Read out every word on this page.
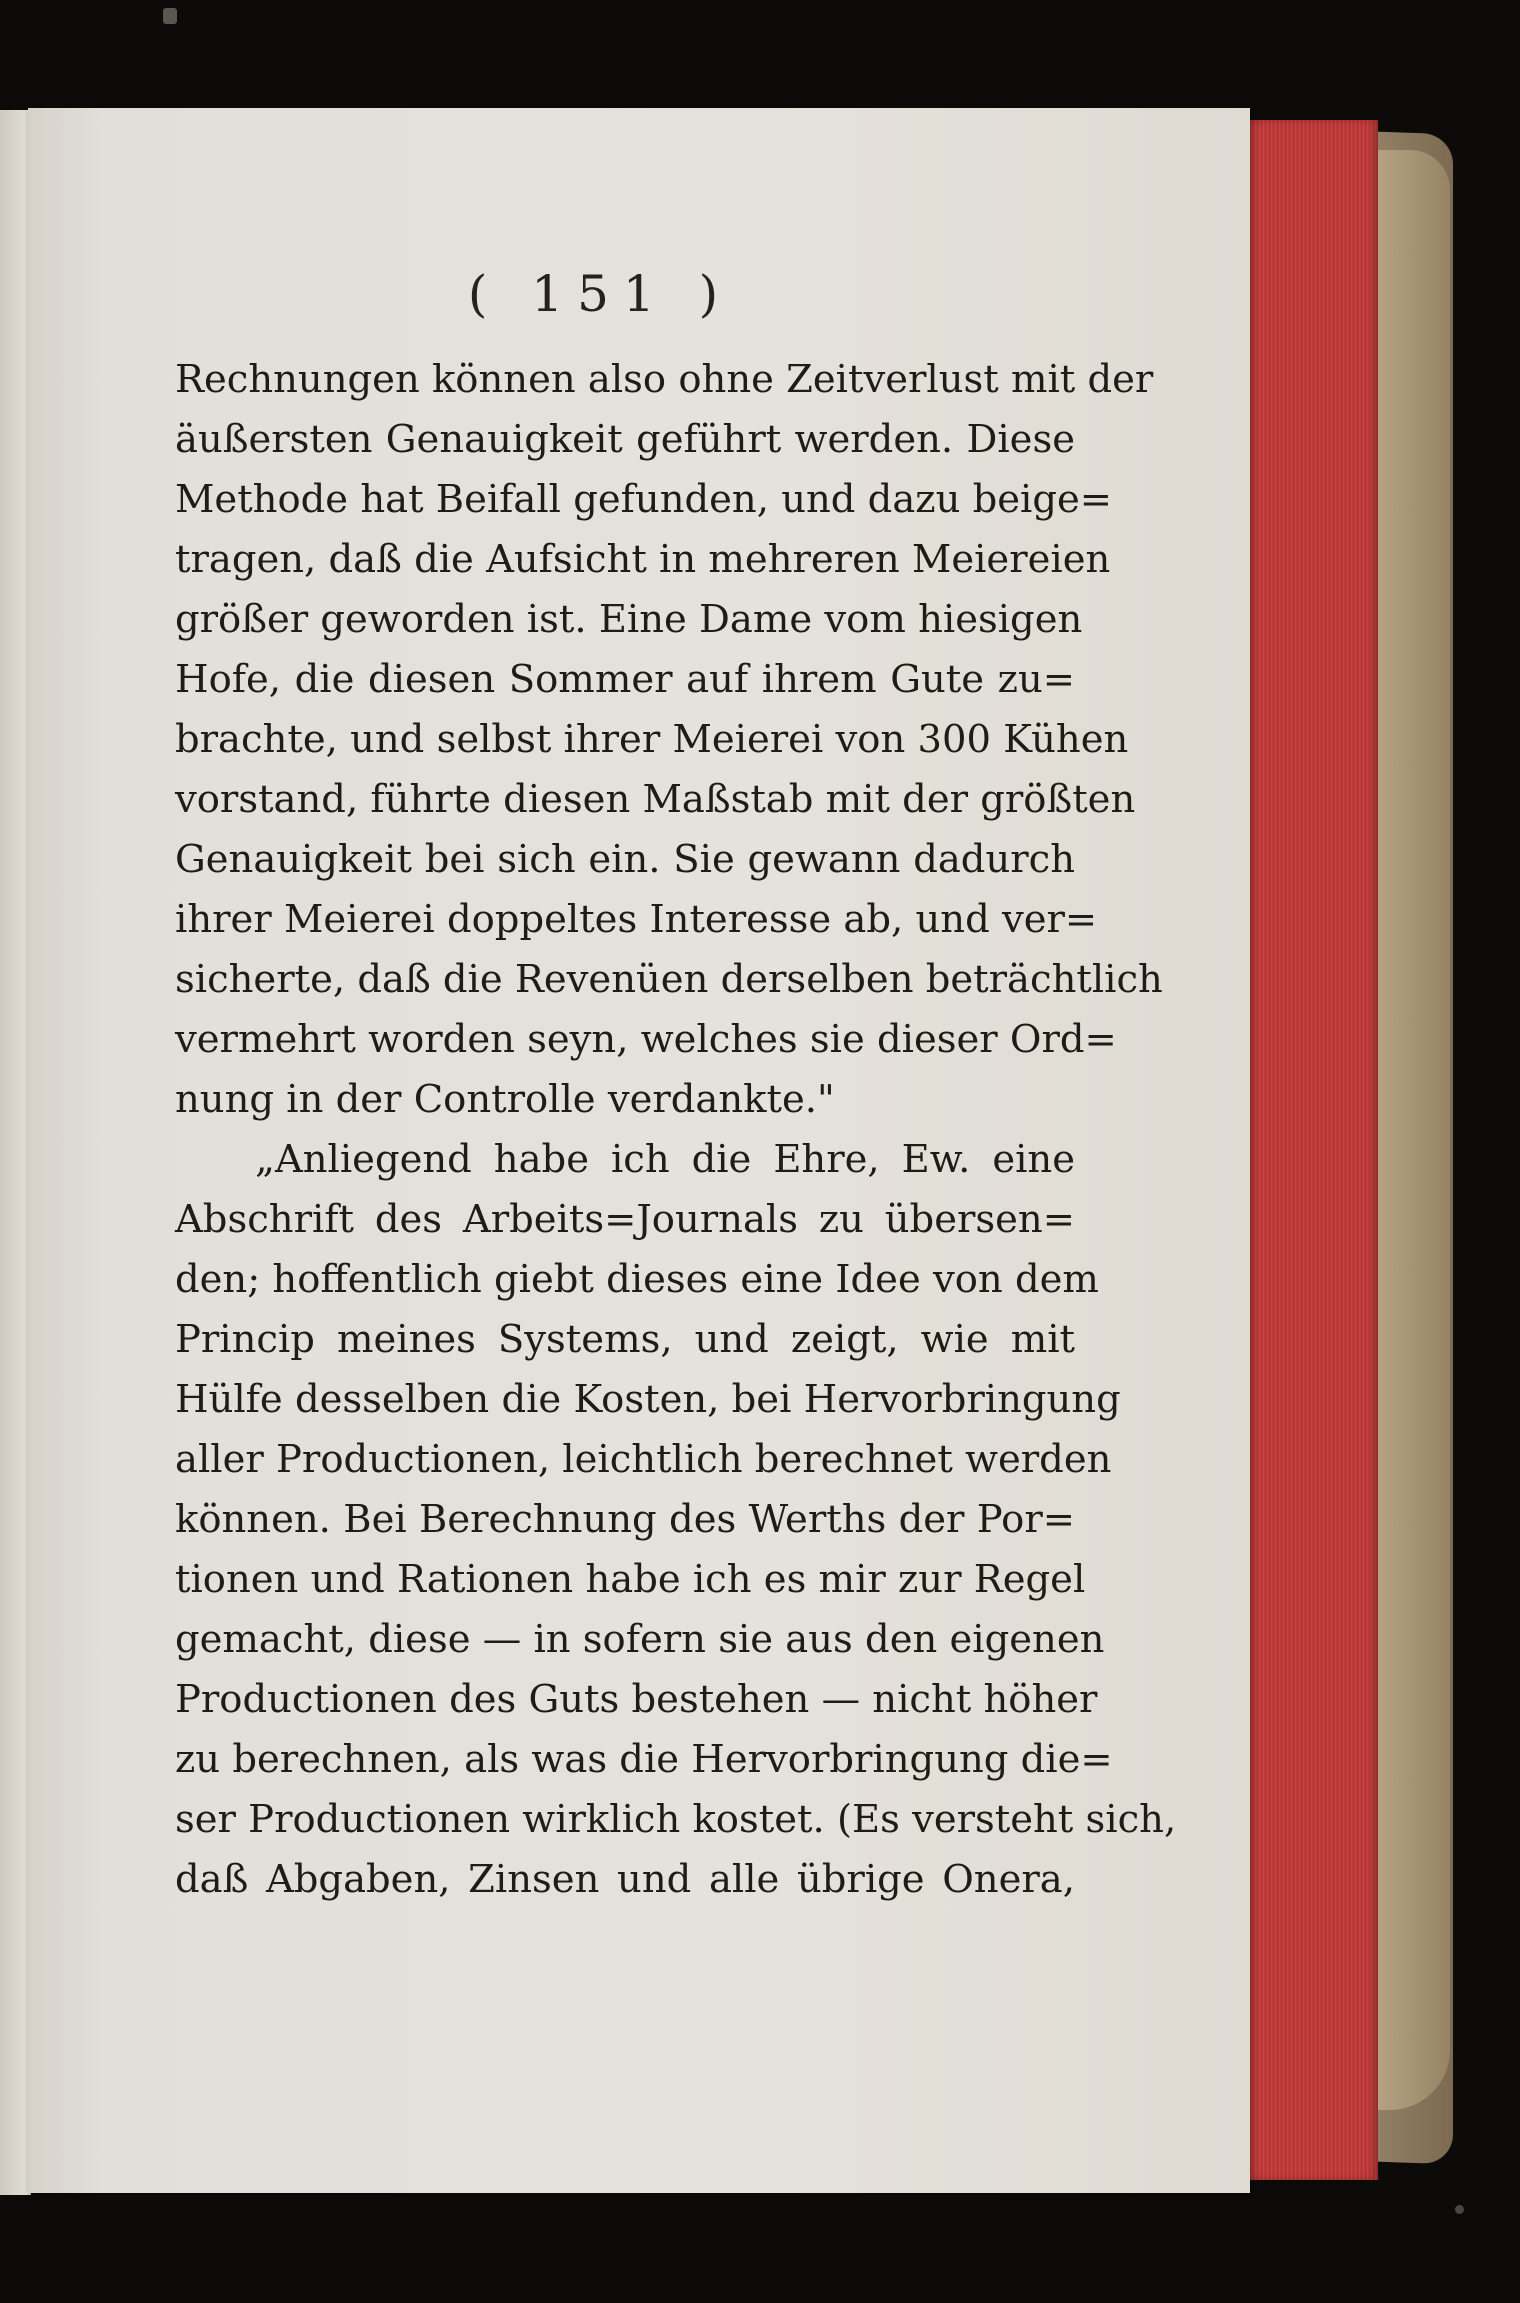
( 151 )
Rechnungen können also ohne Zeitverlust mit der
äußersten Genauigkeit geführt werden. Diese
Methode hat Beifall gefunden, und dazu beige=
tragen, daß die Aufsicht in mehreren Meiereien
größer geworden ist. Eine Dame vom hiesigen
Hofe, die diesen Sommer auf ihrem Gute zu=
brachte, und selbst ihrer Meierei von 300 Kühen
vorstand, führte diesen Maßstab mit der größten
Genauigkeit bei sich ein. Sie gewann dadurch
ihrer Meierei doppeltes Interesse ab, und ver=
sicherte, daß die Revenüen derselben beträchtlich
vermehrt worden seyn, welches sie dieser Ord=
nung in der Controlle verdankte."
„Anliegend habe ich die Ehre, Ew. eine
Abschrift des Arbeits=Journals zu übersen=
den; hoffentlich giebt dieses eine Idee von dem
Princip meines Systems, und zeigt, wie mit
Hülfe desselben die Kosten, bei Hervorbringung
aller Productionen, leichtlich berechnet werden
können. Bei Berechnung des Werths der Por=
tionen und Rationen habe ich es mir zur Regel
gemacht, diese — in sofern sie aus den eigenen
Productionen des Guts bestehen — nicht höher
zu berechnen, als was die Hervorbringung die=
ser Productionen wirklich kostet. (Es versteht sich,
daß Abgaben, Zinsen und alle übrige Onera,
